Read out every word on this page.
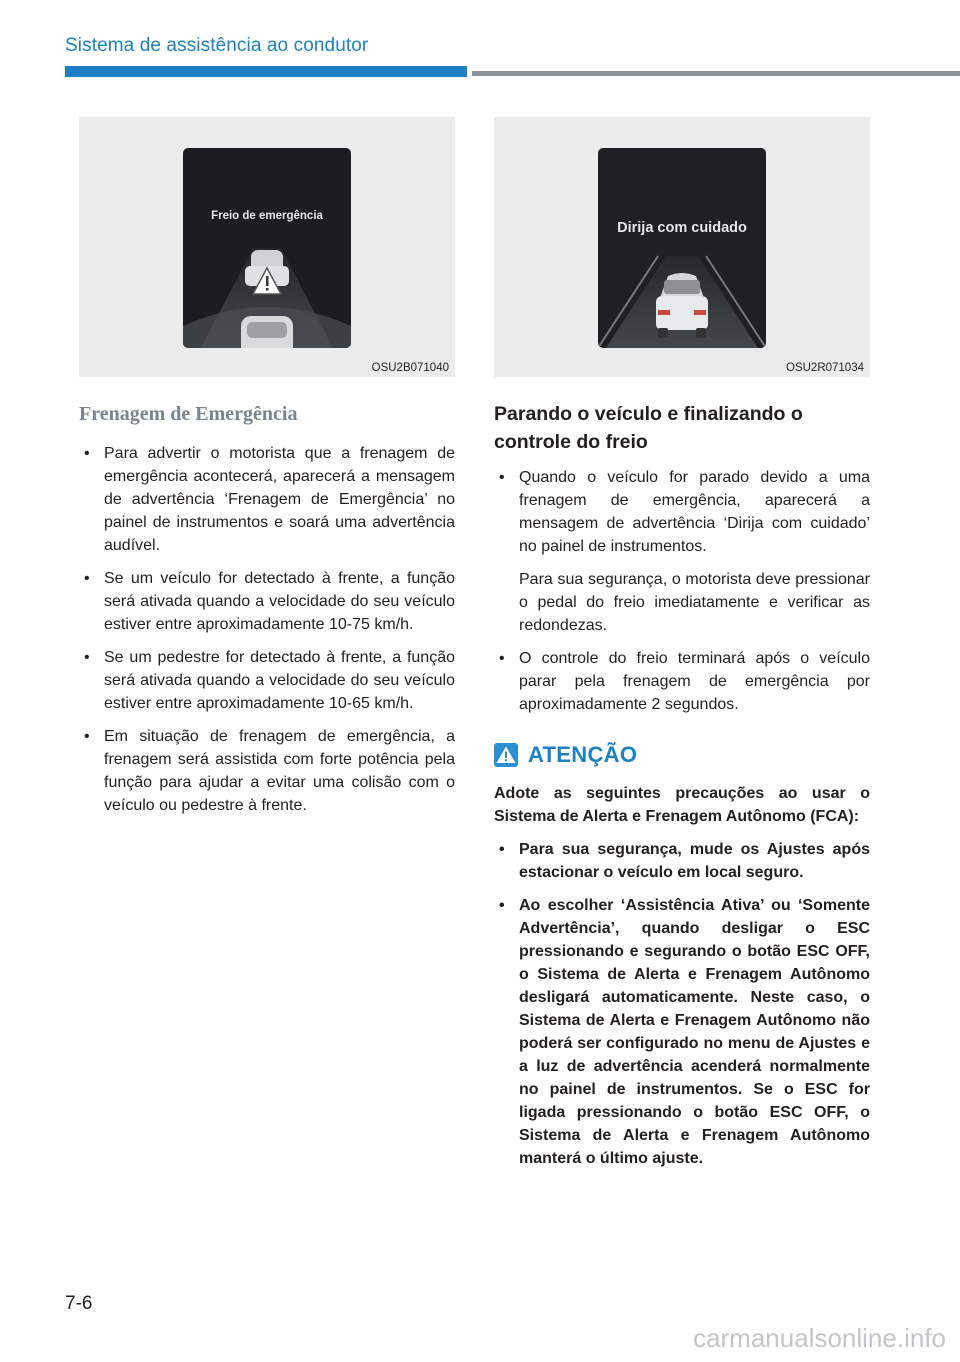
Sistema de assistência ao condutor
Freio de emergência
OSU2B071040
Dirija com cuidado
OSU2R071034
Frenagem de Emergência
• Para advertir o motorista que a frenagem de emergência acontecerá, aparecerá a mensagem de advertência ‘Frenagem de Emergência’ no painel de instrumentos e soará uma advertência audível.
• Se um veículo for detectado à frente, a função será ativada quando a velocidade do seu veículo estiver entre aproximadamente 10-75 km/h.
• Se um pedestre for detectado à frente, a função será ativada quando a velocidade do seu veículo estiver entre aproximadamente 10-65 km/h.
• Em situação de frenagem de emergência, a frenagem será assistida com forte potência pela função para ajudar a evitar uma colisão com o veículo ou pedestre à frente.
Parando o veículo e finalizando o controle do freio
• Quando o veículo for parado devido a uma frenagem de emergência, aparecerá a mensagem de advertência ‘Dirija com cuidado’ no painel de instrumentos.
Para sua segurança, o motorista deve pressionar o pedal do freio imediatamente e verificar as redondezas.
• O controle do freio terminará após o veículo parar pela frenagem de emergência por aproximadamente 2 segundos.
ATENÇÃO
Adote as seguintes precauções ao usar o Sistema de Alerta e Frenagem Autônomo (FCA):
• Para sua segurança, mude os Ajustes após estacionar o veículo em local seguro.
• Ao escolher ‘Assistência Ativa’ ou ‘Somente Advertência’, quando desligar o ESC pressionando e segurando o botão ESC OFF, o Sistema de Alerta e Frenagem Autônomo desligará automaticamente. Neste caso, o Sistema de Alerta e Frenagem Autônomo não poderá ser configurado no menu de Ajustes e a luz de advertência acenderá normalmente no painel de instrumentos. Se o ESC for ligada pressionando o botão ESC OFF, o Sistema de Alerta e Frenagem Autônomo manterá o último ajuste.
7-6
carmanualsonline.info
